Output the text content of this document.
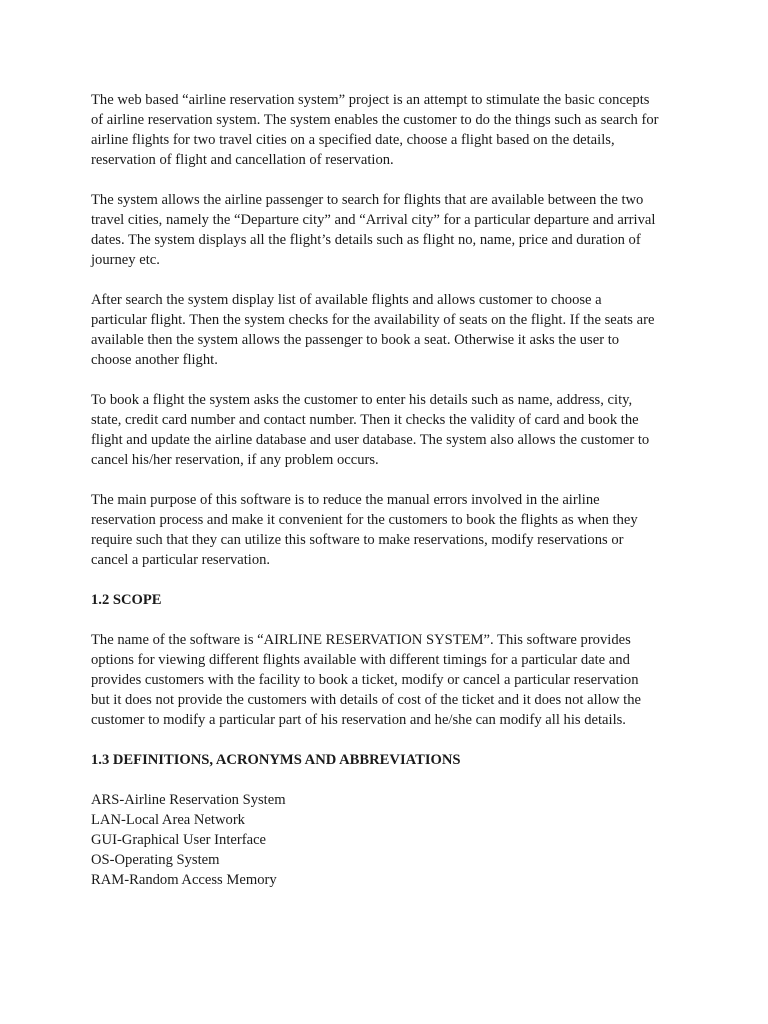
The web based “airline reservation system” project is an attempt to stimulate the basic concepts
of airline reservation system. The system enables the customer to do the things such as search for
airline flights for two travel cities on a specified date, choose a flight based on the details,
reservation of flight and cancellation of reservation.

The system allows the airline passenger to search for flights that are available between the two
travel cities, namely the “Departure city” and “Arrival city” for a particular departure and arrival
dates. The system displays all the flight’s details such as flight no, name, price and duration of
journey etc.

After search the system display list of available flights and allows customer to choose a
particular flight. Then the system checks for the availability of seats on the flight. If the seats are
available then the system allows the passenger to book a seat. Otherwise it asks the user to
choose another flight.

To book a flight the system asks the customer to enter his details such as name, address, city,
state, credit card number and contact number. Then it checks the validity of card and book the
flight and update the airline database and user database. The system also allows the customer to
cancel his/her reservation, if any problem occurs.

The main purpose of this software is to reduce the manual errors involved in the airline
reservation process and make it convenient for the customers to book the flights as when they
require such that they can utilize this software to make reservations, modify reservations or
cancel a particular reservation.

1.2 SCOPE

The name of the software is “AIRLINE RESERVATION SYSTEM”. This software provides
options for viewing different flights available with different timings for a particular date and
provides customers with the facility to book a ticket, modify or cancel a particular reservation
but it does not provide the customers with details of cost of the ticket and it does not allow the
customer to modify a particular part of his reservation and he/she can modify all his details.

1.3 DEFINITIONS, ACRONYMS AND ABBREVIATIONS

ARS-Airline Reservation System
LAN-Local Area Network
GUI-Graphical User Interface
OS-Operating System
RAM-Random Access Memory
